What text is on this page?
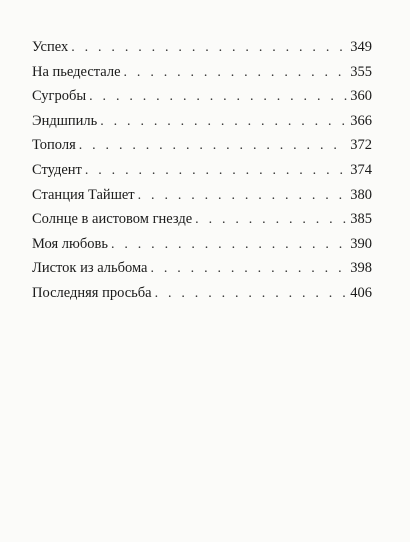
Успех . . .	349
На пьедестале . . .	355
Сугробы . . .	360
Эндшпиль . . .	366
Тополя . . .	372
Студент . . .	374
Станция Тайшет . . .	380
Солнце в аистовом гнезде . . .	385
Моя любовь . . .	390
Листок из альбома . . .	398
Последняя просьба . . .	406
